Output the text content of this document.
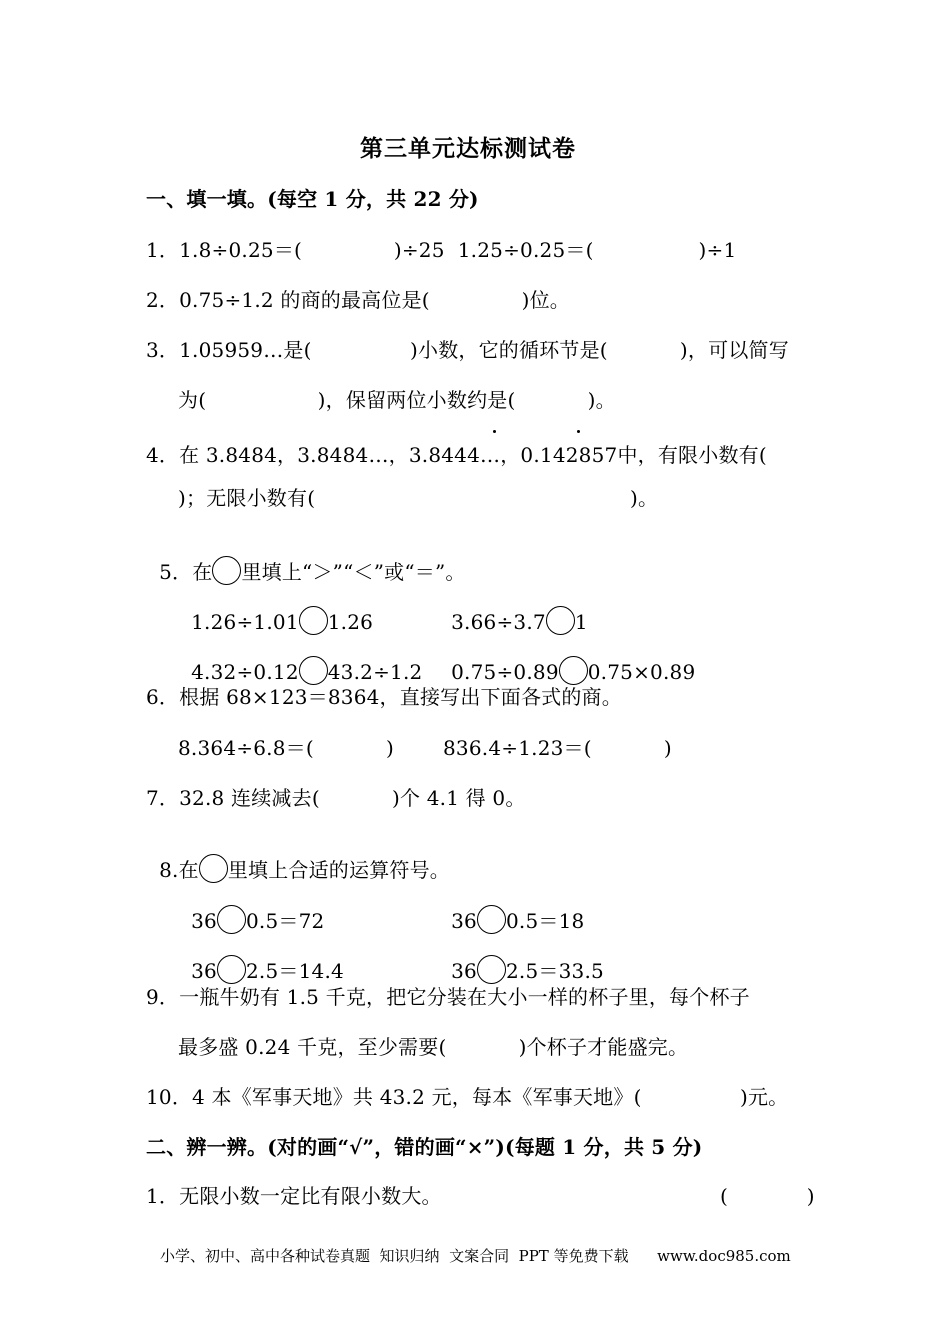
第三单元达标测试卷
一、填一填。(每空 1 分，共 22 分)
1．1.8÷0.25＝(              )÷25  1.25÷0.25＝(                )÷1
2．0.75÷1.2 的商的最高位是(              )位。
3．1.05959…是(               )小数，它的循环节是(           )，可以简写
为(                 )，保留两位小数约是(           )。
4．在 3.8484，3.8484…，3.8444…，0.142857中，有限小数有(
)；无限小数有(                                                )。

5．在 里填上“＞”“＜”或“＝”。

1.26÷1.01 1.26	3.66÷3.7 1

4.32÷0.12 43.2÷1.2	0.75÷0.89 0.75×0.89

6．根据 68×123＝8364，直接写出下面各式的商。
8.364÷6.8＝(           ) 836.4÷1.23＝(           )
7．32.8 连续减去(           )个 4.1 得 0。

8.在 里填上合适的运算符号。

36 0.5＝72	36 0.5＝18

36 2.5＝14.4	36 2.5＝33.5

9．一瓶牛奶有 1.5 千克，把它分装在大小一样的杯子里，每个杯子
最多盛 0.24 千克，至少需要(           )个杯子才能盛完。
10．4 本《军事天地》共 43.2 元，每本《军事天地》(               )元。
二、辨一辨。(对的画“√”，错的画“×”)(每题 1 分，共 5 分)
1．无限小数一定比有限小数大。	(            )
小学、初中、高中各种试卷真题  知识归纳  文案合同  PPT 等免费下载      www.doc985.com
